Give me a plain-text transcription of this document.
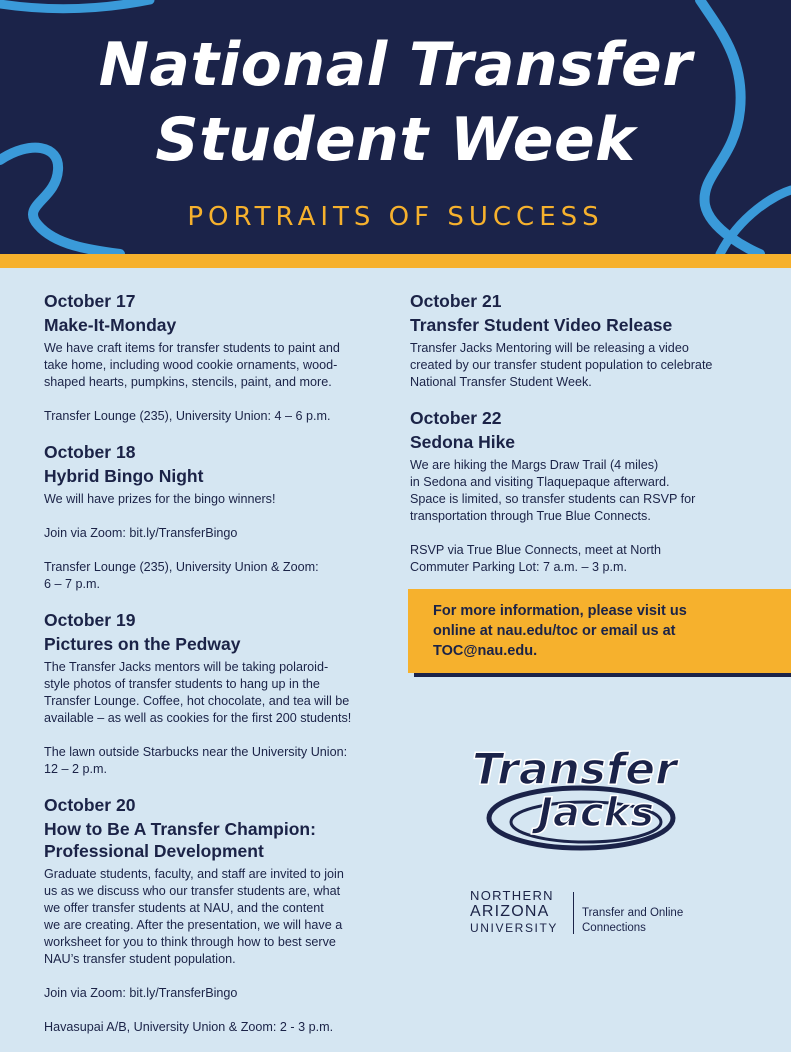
National Transfer
Student Week
PORTRAITS OF SUCCESS
October 17
Make-It-Monday

We have craft items for transfer students to paint and
take home, including wood cookie ornaments, wood-
shaped hearts, pumpkins, stencils, paint, and more.

Transfer Lounge (235), University Union: 4 – 6 p.m.

October 18
Hybrid Bingo Night

We will have prizes for the bingo winners!

Join via Zoom: bit.ly/TransferBingo

Transfer Lounge (235), University Union & Zoom:
6 – 7 p.m.

October 19
Pictures on the Pedway

The Transfer Jacks mentors will be taking polaroid-
style photos of transfer students to hang up in the
Transfer Lounge. Coffee, hot chocolate, and tea will be
available – as well as cookies for the first 200 students!

The lawn outside Starbucks near the University Union:
12 – 2 p.m.

October 20
How to Be A Transfer Champion:
Professional Development

Graduate students, faculty, and staff are invited to join
us as we discuss who our transfer students are, what
we offer transfer students at NAU, and the content
we are creating. After the presentation, we will have a
worksheet for you to think through how to best serve
NAU’s transfer student population.

Join via Zoom: bit.ly/TransferBingo

Havasupai A/B, University Union & Zoom: 2 - 3 p.m.

October 21
Transfer Student Video Release

Transfer Jacks Mentoring will be releasing a video
created by our transfer student population to celebrate
National Transfer Student Week.

October 22
Sedona Hike

We are hiking the Margs Draw Trail (4 miles)
in Sedona and visiting Tlaquepaque afterward.
Space is limited, so transfer students can RSVP for
transportation through True Blue Connects.

RSVP via True Blue Connects, meet at North
Commuter Parking Lot: 7 a.m. – 3 p.m.

For more information, please visit us
online at nau.edu/toc or email us at
TOC@nau.edu.
Transfer
Jacks
NORTHERN
ARIZONA
UNIVERSITY
Transfer and Online
Connections
